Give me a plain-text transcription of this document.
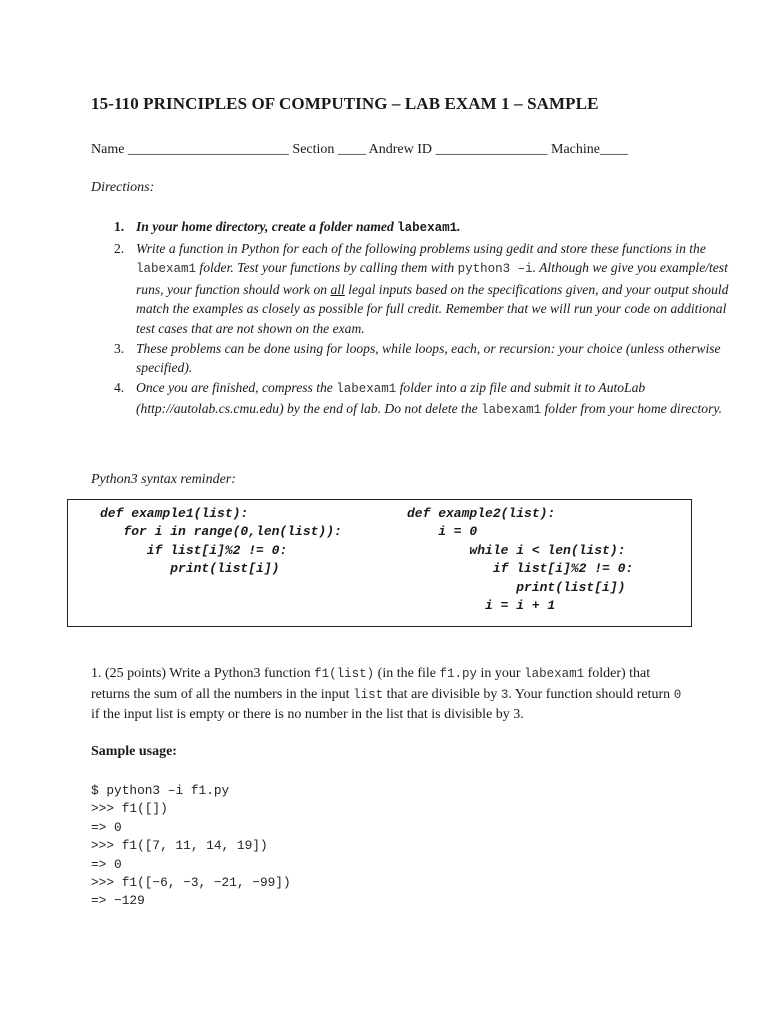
15-110 PRINCIPLES OF COMPUTING – LAB EXAM 1 – SAMPLE
Name _______________________ Section ____ Andrew ID ________________ Machine____
Directions:
1. In your home directory, create a folder named labexam1.
2. Write a function in Python for each of the following problems using gedit and store these functions in the labexam1 folder. Test your functions by calling them with python3 –i. Although we give you example/test runs, your function should work on all legal inputs based on the specifications given, and your output should match the examples as closely as possible for full credit. Remember that we will run your code on additional test cases that are not shown on the exam.
3. These problems can be done using for loops, while loops, each, or recursion: your choice (unless otherwise specified).
4. Once you are finished, compress the labexam1 folder into a zip file and submit it to AutoLab (http://autolab.cs.cmu.edu) by the end of lab. Do not delete the labexam1 folder from your home directory.
Python3 syntax reminder:
def example1(list):
for i in range(0,len(list)):
if list[i]%2 != 0:
print(list[i])
def example2(list):
i = 0
while i < len(list):
if list[i]%2 != 0:
print(list[i])
i = i + 1
1. (25 points) Write a Python3 function f1(list) (in the file f1.py in your labexam1 folder) that returns the sum of all the numbers in the input list that are divisible by 3. Your function should return 0 if the input list is empty or there is no number in the list that is divisible by 3.
Sample usage:
$ python3 –i f1.py
>>> f1([])
=> 0
>>> f1([7, 11, 14, 19])
=> 0
>>> f1([−6, −3, −21, −99])
=> −129
